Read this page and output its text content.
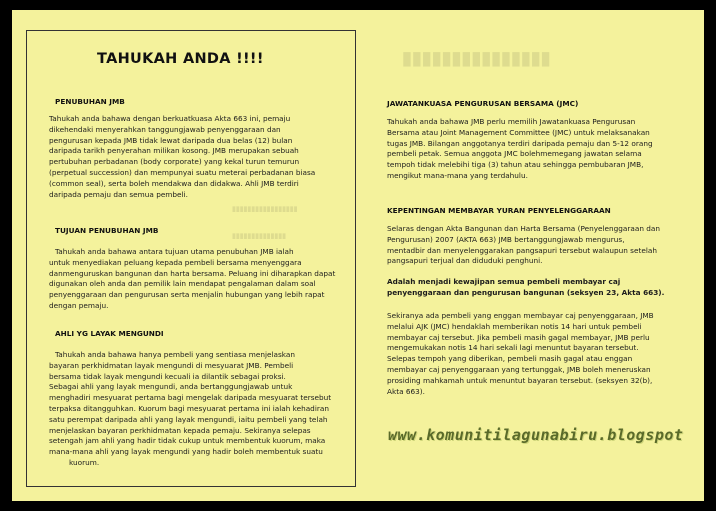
▮▮▮▮▮▮▮▮▮▮▮▮▮▮▮
▮▮▮▮▮▮▮▮▮▮▮▮▮▮▮▮▮
▮▮▮▮▮▮▮▮▮▮▮▮▮▮
TAHUKAH ANDA !!!!
PENUBUHAN JMB

Tahukah anda bahawa dengan berkuatkuasa Akta 663 ini, pemaju

dikehendaki menyerahkan tanggungjawab penyenggaraan dan

pengurusan kepada JMB tidak lewat daripada dua belas (12) bulan

daripada tarikh penyerahan milikan kosong. JMB merupakan sebuah

pertubuhan perbadanan (body corporate) yang kekal turun temurun

(perpetual succession) dan mempunyai suatu meterai perbadanan biasa

(common seal), serta boleh mendakwa dan didakwa. Ahli JMB terdiri

daripada pemaju dan semua pembeli.

TUJUAN PENUBUHAN JMB

Tahukah anda bahawa antara tujuan utama penubuhan JMB ialah

untuk menyediakan peluang kepada pembeli bersama menyenggara

danmenguruskan bangunan dan harta bersama. Peluang ini diharapkan dapat

digunakan oleh anda dan pemilik lain mendapat pengalaman dalam soal

penyenggaraan dan pengurusan serta menjalin hubungan yang lebih rapat

dengan pemaju.

AHLI YG LAYAK MENGUNDI

Tahukah anda bahawa hanya pembeli yang sentiasa menjelaskan

bayaran perkhidmatan layak mengundi di mesyuarat JMB. Pembeli

bersama tidak layak mengundi kecuali ia dilantik sebagai proksi.

Sebagai ahli yang layak mengundi, anda bertanggungjawab untuk

menghadiri mesyuarat pertama bagi mengelak daripada mesyuarat tersebut

terpaksa ditangguhkan. Kuorum bagi mesyuarat pertama ini ialah kehadiran

satu perempat daripada ahli yang layak mengundi, iaitu pembeli yang telah

menjelaskan bayaran perkhidmatan kepada pemaju. Sekiranya selepas

setengah jam ahli yang hadir tidak cukup untuk membentuk kuorum, maka

mana-mana ahli yang layak mengundi yang hadir boleh membentuk suatu

kuorum.

JAWATANKUASA PENGURUSAN BERSAMA (JMC)

Tahukah anda bahawa JMB perlu memilih Jawatankuasa Pengurusan

Bersama atau Joint Management Committee (JMC) untuk melaksanakan

tugas JMB. Bilangan anggotanya terdiri daripada pemaju dan 5-12 orang

pembeli petak. Semua anggota JMC bolehmemegang jawatan selama

tempoh tidak melebihi tiga (3) tahun atau sehingga pembubaran JMB,

mengikut mana-mana yang terdahulu.

KEPENTINGAN MEMBAYAR YURAN PENYELENGGARAAN

Selaras dengan Akta Bangunan dan Harta Bersama (Penyelenggaraan dan

Pengurusan) 2007 (AKTA 663) JMB bertanggungjawab mengurus,

mentadbir dan menyelenggarakan pangsapuri tersebut walaupun setelah

pangsapuri terjual dan diduduki penghuni.

Adalah menjadi kewajipan semua pembeli membayar caj

penyenggaraan dan pengurusan bangunan (seksyen 23, Akta 663).

Sekiranya ada pembeli yang enggan membayar caj penyenggaraan, JMB

melalui AJK (JMC) hendaklah memberikan notis 14 hari untuk pembeli

membayar caj tersebut. Jika pembeli masih gagal membayar, JMB perlu

mengemukakan notis 14 hari sekali lagi menuntut bayaran tersebut.

Selepas tempoh yang diberikan, pembeli masih gagal atau enggan

membayar caj penyenggaraan yang tertunggak, JMB boleh meneruskan

prosiding mahkamah untuk menuntut bayaran tersebut. (seksyen 32(b),

Akta 663).

www.komunitilagunabiru.blogspot
